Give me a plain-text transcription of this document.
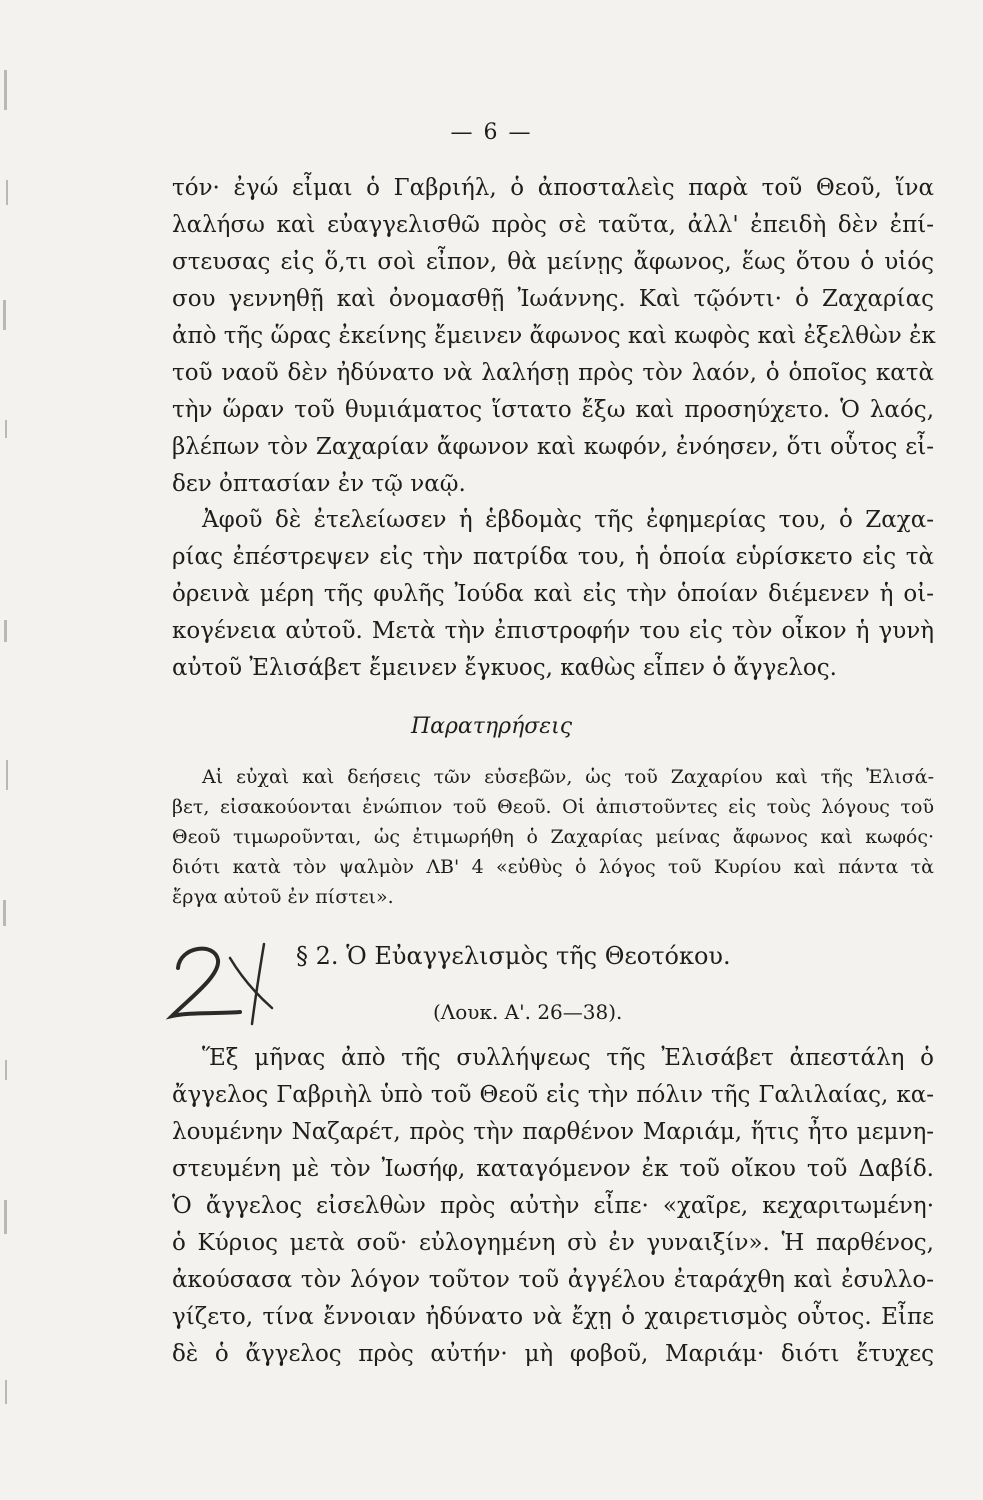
— 6 —
τόν· ἐγώ εἶμαι ὁ Γαβριήλ, ὁ ἀποσταλεὶς παρὰ τοῦ Θεοῦ, ἵνα
λαλήσω καὶ εὐαγγελισθῶ πρὸς σὲ ταῦτα, ἀλλ' ἐπειδὴ δὲν ἐπί-
στευσας εἰς ὅ,τι σοὶ εἶπον, θὰ μείνῃς ἄφωνος, ἕως ὅτου ὁ υἱός
σου γεννηθῇ καὶ ὀνομασθῇ Ἰωάννης. Καὶ τῷόντι· ὁ Ζαχαρίας
ἀπὸ τῆς ὥρας ἐκείνης ἔμεινεν ἄφωνος καὶ κωφὸς καὶ ἐξελθὼν ἐκ
τοῦ ναοῦ δὲν ἠδύνατο νὰ λαλήσῃ πρὸς τὸν λαόν, ὁ ὁποῖος κατὰ
τὴν ὥραν τοῦ θυμιάματος ἵστατο ἔξω καὶ προσηύχετο. Ὁ λαός,
βλέπων τὸν Ζαχαρίαν ἄφωνον καὶ κωφόν, ἐνόησεν, ὅτι οὗτος εἶ-
δεν ὀπτασίαν ἐν τῷ ναῷ.
Ἀφοῦ δὲ ἐτελείωσεν ἡ ἑβδομὰς τῆς ἐφημερίας του, ὁ Ζαχα-
ρίας ἐπέστρεψεν εἰς τὴν πατρίδα του, ἡ ὁποία εὑρίσκετο εἰς τὰ
ὀρεινὰ μέρη τῆς φυλῆς Ἰούδα καὶ εἰς τὴν ὁποίαν διέμενεν ἡ οἰ-
κογένεια αὐτοῦ. Μετὰ τὴν ἐπιστροφήν του εἰς τὸν οἶκον ἡ γυνὴ
αὐτοῦ Ἐλισάβετ ἔμεινεν ἔγκυος, καθὼς εἶπεν ὁ ἄγγελος.
Παρατηρήσεις
Αἱ εὐχαὶ καὶ δεήσεις τῶν εὐσεβῶν, ὡς τοῦ Ζαχαρίου καὶ τῆς Ἐλισά-
βετ, εἰσακούονται ἐνώπιον τοῦ Θεοῦ. Οἱ ἀπιστοῦντες εἰς τοὺς λόγους τοῦ
Θεοῦ τιμωροῦνται, ὡς ἐτιμωρήθη ὁ Ζαχαρίας μείνας ἄφωνος καὶ κωφός·
διότι κατὰ τὸν ψαλμὸν ΛΒ' 4 «εὐθὺς ὁ λόγος τοῦ Κυρίου καὶ πάντα τὰ
ἔργα αὐτοῦ ἐν πίστει».
§ 2. Ὁ Εὐαγγελισμὸς τῆς Θεοτόκου.
(Λουκ. Α'. 26—38).
Ἕξ μῆνας ἀπὸ τῆς συλλήψεως τῆς Ἐλισάβετ ἀπεστάλη ὁ
ἄγγελος Γαβριὴλ ὑπὸ τοῦ Θεοῦ εἰς τὴν πόλιν τῆς Γαλιλαίας, κα-
λουμένην Ναζαρέτ, πρὸς τὴν παρθένον Μαριάμ, ἥτις ἦτο μεμνη-
στευμένη μὲ τὸν Ἰωσήφ, καταγόμενον ἐκ τοῦ οἴκου τοῦ Δαβίδ.
Ὁ ἄγγελος εἰσελθὼν πρὸς αὐτὴν εἶπε· «χαῖρε, κεχαριτωμένη·
ὁ Κύριος μετὰ σοῦ· εὐλογημένη σὺ ἐν γυναιξίν». Ἡ παρθένος,
ἀκούσασα τὸν λόγον τοῦτον τοῦ ἀγγέλου ἐταράχθη καὶ ἐσυλλο-
γίζετο, τίνα ἔννοιαν ἠδύνατο νὰ ἔχῃ ὁ χαιρετισμὸς οὗτος. Εἶπε
δὲ ὁ ἄγγελος πρὸς αὐτήν· μὴ φοβοῦ, Μαριάμ· διότι ἔτυχες
